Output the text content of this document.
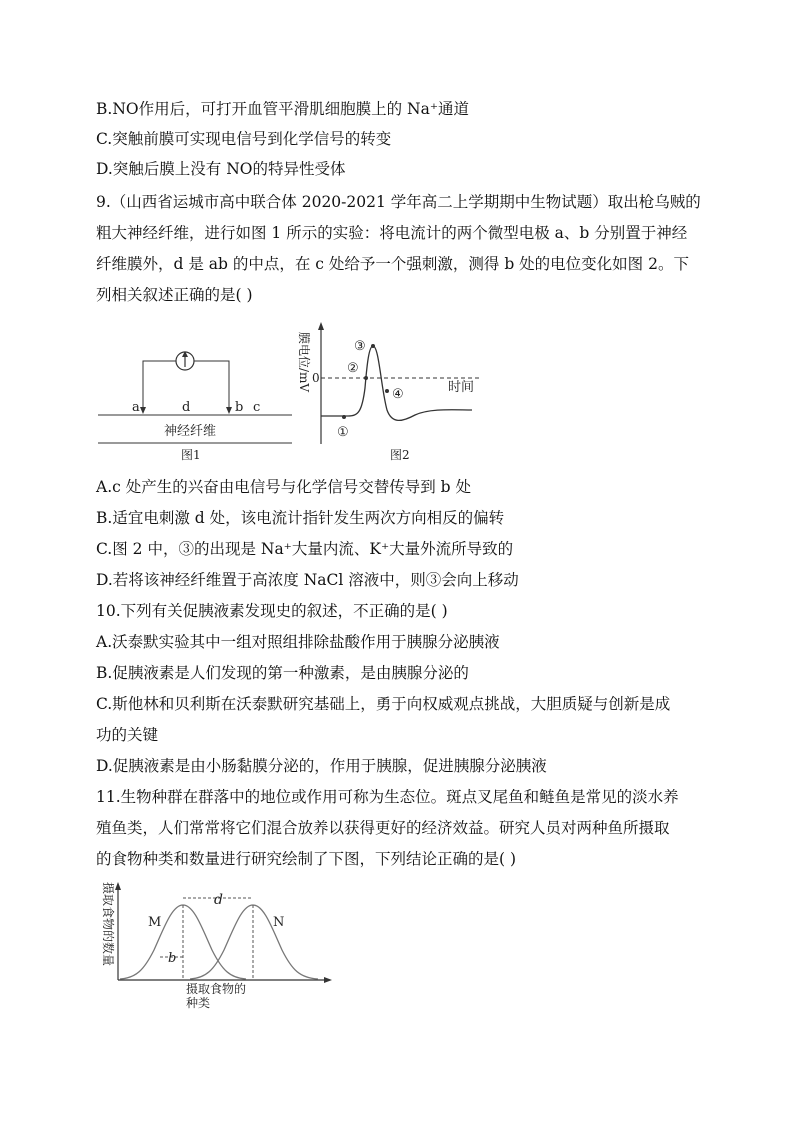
B.NO作用后，可打开血管平滑肌细胞膜上的 Na⁺通道
C.突触前膜可实现电信号到化学信号的转变
D.突触后膜上没有 NO的特异性受体
9.（山西省运城市高中联合体 2020-2021 学年高二上学期期中生物试题）取出枪乌贼的
粗大神经纤维，进行如图 1 所示的实验：将电流计的两个微型电极 a、b 分别置于神经
纤维膜外，d 是 ab 的中点，在 c 处给予一个强刺激，测得 b 处的电位变化如图 2。下
列相关叙述正确的是( )
A.c 处产生的兴奋由电信号与化学信号交替传导到 b 处
B.适宜电刺激 d 处，该电流计指针发生两次方向相反的偏转
C.图 2 中，③的出现是 Na⁺大量内流、K⁺大量外流所导致的
D.若将该神经纤维置于高浓度 NaCl 溶液中，则③会向上移动
10.下列有关促胰液素发现史的叙述，不正确的是( )
A.沃泰默实验其中一组对照组排除盐酸作用于胰腺分泌胰液
B.促胰液素是人们发现的第一种激素，是由胰腺分泌的
C.斯他林和贝利斯在沃泰默研究基础上，勇于向权威观点挑战，大胆质疑与创新是成
功的关键
D.促胰液素是由小肠黏膜分泌的，作用于胰腺，促进胰腺分泌胰液
11.生物种群在群落中的地位或作用可称为生态位。斑点叉尾鱼和鲢鱼是常见的淡水养
殖鱼类，人们常常将它们混合放养以获得更好的经济效益。研究人员对两种鱼所摄取
的食物种类和数量进行研究绘制了下图，下列结论正确的是( )
a	d	b c
神经纤维
图1
膜电位/mV 0
时间
①
②
③
④
图2
摄取食物的数量	M	N
d
b
摄取食物的
种类
